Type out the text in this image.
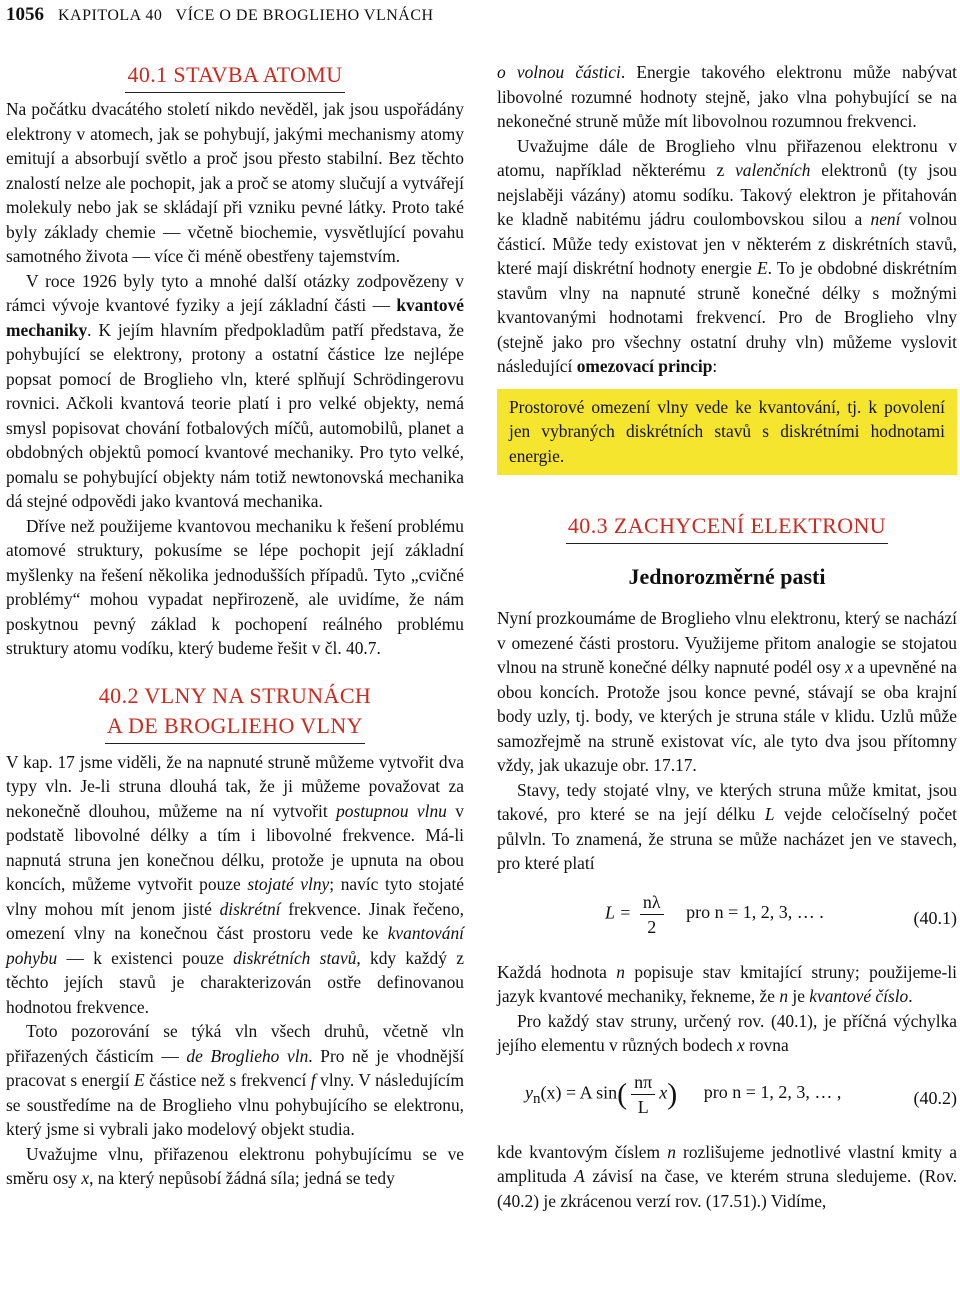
1056 KAPITOLA 40   VÍCE O DE BROGLIEHO VLNÁCH
40.1 STAVBA ATOMU

Na počátku dvacátého století nikdo nevěděl, jak jsou uspořádány elektrony v atomech, jak se pohybují, jakými mechanismy atomy emitují a absorbují světlo a proč jsou přesto stabilní. Bez těchto znalostí nelze ale pochopit, jak a proč se atomy slučují a vytvářejí molekuly nebo jak se skládají při vzniku pevné látky. Proto také byly základy chemie — včetně biochemie, vysvětlující povahu samotného života — více či méně obestřeny tajemstvím.

V roce 1926 byly tyto a mnohé další otázky zodpovězeny v rámci vývoje kvantové fyziky a její základní části — kvantové mechaniky. K jejím hlavním předpokladům patří představa, že pohybující se elektrony, protony a ostatní částice lze nejlépe popsat pomocí de Broglieho vln, které splňují Schrödingerovu rovnici. Ačkoli kvantová teorie platí i pro velké objekty, nemá smysl popisovat chování fotbalových míčů, automobilů, planet a obdobných objektů pomocí kvantové mechaniky. Pro tyto velké, pomalu se pohybující objekty nám totiž newtonovská mechanika dá stejné odpovědi jako kvantová mechanika.

Dříve než použijeme kvantovou mechaniku k řešení problému atomové struktury, pokusíme se lépe pochopit její základní myšlenky na řešení několika jednodušších případů. Tyto „cvičné problémy“ mohou vypadat nepřirozeně, ale uvidíme, že nám poskytnou pevný základ k pochopení reálného problému struktury atomu vodíku, který budeme řešit v čl. 40.7.

40.2 VLNY NA STRUNÁCH
A DE BROGLIEHO VLNY

V kap. 17 jsme viděli, že na napnuté struně můžeme vytvořit dva typy vln. Je-li struna dlouhá tak, že ji můžeme považovat za nekonečně dlouhou, můžeme na ní vytvořit postupnou vlnu v podstatě libovolné délky a tím i libovolné frekvence. Má-li napnutá struna jen konečnou délku, protože je upnuta na obou koncích, můžeme vytvořit pouze stojaté vlny; navíc tyto stojaté vlny mohou mít jenom jisté diskrétní frekvence. Jinak řečeno, omezení vlny na konečnou část prostoru vede ke kvantování pohybu — k existenci pouze diskrétních stavů, kdy každý z těchto jejích stavů je charakterizován ostře definovanou hodnotou frekvence.

Toto pozorování se týká vln všech druhů, včetně vln přiřazených částicím — de Broglieho vln. Pro ně je vhodnější pracovat s energií E částice než s frekvencí f vlny. V následujícím se soustředíme na de Broglieho vlnu pohybujícího se elektronu, který jsme si vybrali jako modelový objekt studia.

Uvažujme vlnu, přiřazenou elektronu pohybujícímu se ve směru osy x, na který nepůsobí žádná síla; jedná se tedy

o volnou částici. Energie takového elektronu může nabývat libovolné rozumné hodnoty stejně, jako vlna pohybující se na nekonečné struně může mít libovolnou rozumnou frekvenci.

Uvažujme dále de Broglieho vlnu přiřazenou elektronu v atomu, například některému z valenčních elektronů (ty jsou nejslaběji vázány) atomu sodíku. Takový elektron je přitahován ke kladně nabitému jádru coulombovskou silou a není volnou částicí. Může tedy existovat jen v některém z diskrétních stavů, které mají diskrétní hodnoty energie E. To je obdobné diskrétním stavům vlny na napnuté struně konečné délky s možnými kvantovanými hodnotami frekvencí. Pro de Broglieho vlny (stejně jako pro všechny ostatní druhy vln) můžeme vyslovit následující omezovací princip:

Prostorové omezení vlny vede ke kvantování, tj. k povolení jen vybraných diskrétních stavů s diskrétními hodnotami energie.

40.3 ZACHYCENÍ ELEKTRONU
Jednorozměrné pasti

Nyní prozkoumáme de Broglieho vlnu elektronu, který se nachází v omezené části prostoru. Využijeme přitom analogie se stojatou vlnou na struně konečné délky napnuté podél osy x a upevněné na obou koncích. Protože jsou konce pevné, stávají se oba krajní body uzly, tj. body, ve kterých je struna stále v klidu. Uzlů může samozřejmě na struně existovat víc, ale tyto dva jsou přítomny vždy, jak ukazuje obr. 17.17.

Stavy, tedy stojaté vlny, ve kterých struna může kmitat, jsou takové, pro které se na její délku L vejde celočíselný počet půlvln. To znamená, že struna se může nacházet jen ve stavech, pro které platí

$L = \frac{n\lambda}{2}$ pro n = 1, 2, 3, … .	(40.1)

Každá hodnota n popisuje stav kmitající struny; použijeme-li jazyk kvantové mechaniky, řekneme, že n je kvantové číslo.

Pro každý stav struny, určený rov. (40.1), je příčná výchylka jejího elementu v různých bodech x rovna

$y_n(x) = A$ $\sin( \frac{n\pi}{L} x)$ pro n = 1, 2, 3, … ,	(40.2)

kde kvantovým číslem n rozlišujeme jednotlivé vlastní kmity a amplituda A závisí na čase, ve kterém struna sledujeme. (Rov. (40.2) je zkrácenou verzí rov. (17.51).) Vidíme,
